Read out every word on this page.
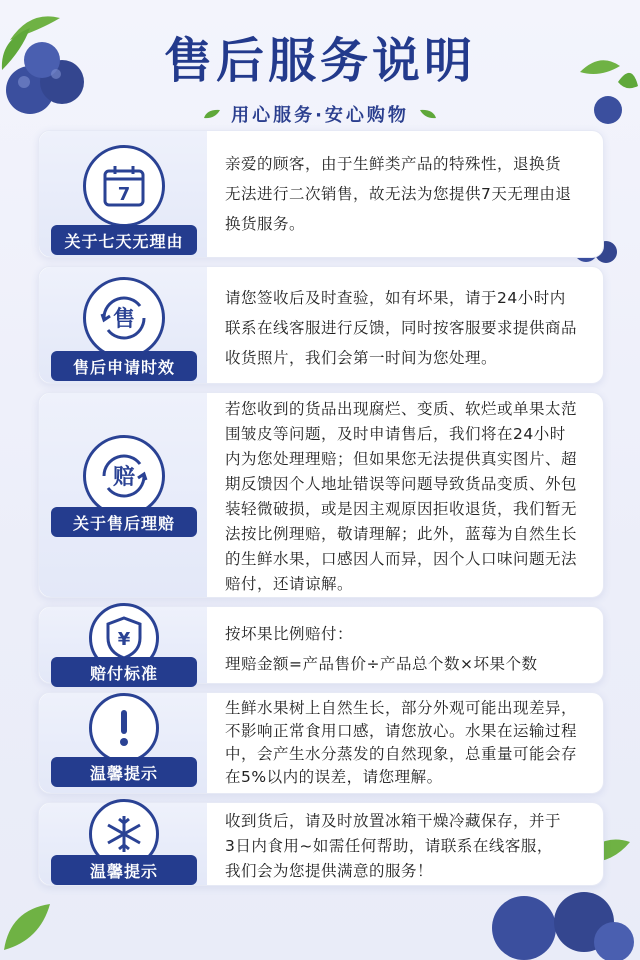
售后服务说明
用心服务·安心购物
7
关于七天无理由

亲爱的顾客，由于生鲜类产品的特殊性，退换货

无法进行二次销售，故无法为您提供7天无理由退

换货服务。

售
售后申请时效

请您签收后及时查验，如有坏果，请于24小时内

联系在线客服进行反馈，同时按客服要求提供商品

收货照片，我们会第一时间为您处理。

赔
关于售后理赔

若您收到的货品出现腐烂、变质、软烂或单果太范

围皱皮等问题，及时申请售后，我们将在24小时

内为您处理理赔；但如果您无法提供真实图片、超

期反馈因个人地址错误等问题导致货品变质、外包

装轻微破损，或是因主观原因拒收退货，我们暂无

法按比例理赔，敬请理解；此外，蓝莓为自然生长

的生鲜水果，口感因人而异，因个人口味问题无法

赔付，还请谅解。

¥
赔付标准

按坏果比例赔付：

理赔金额=产品售价÷产品总个数×坏果个数

温馨提示

生鲜水果树上自然生长，部分外观可能出现差异，

不影响正常食用口感，请您放心。水果在运输过程

中，会产生水分蒸发的自然现象，总重量可能会存

在5%以内的误差，请您理解。

温馨提示

收到货后，请及时放置冰箱干燥冷藏保存，并于

3日内食用~如需任何帮助，请联系在线客服，

我们会为您提供满意的服务！
